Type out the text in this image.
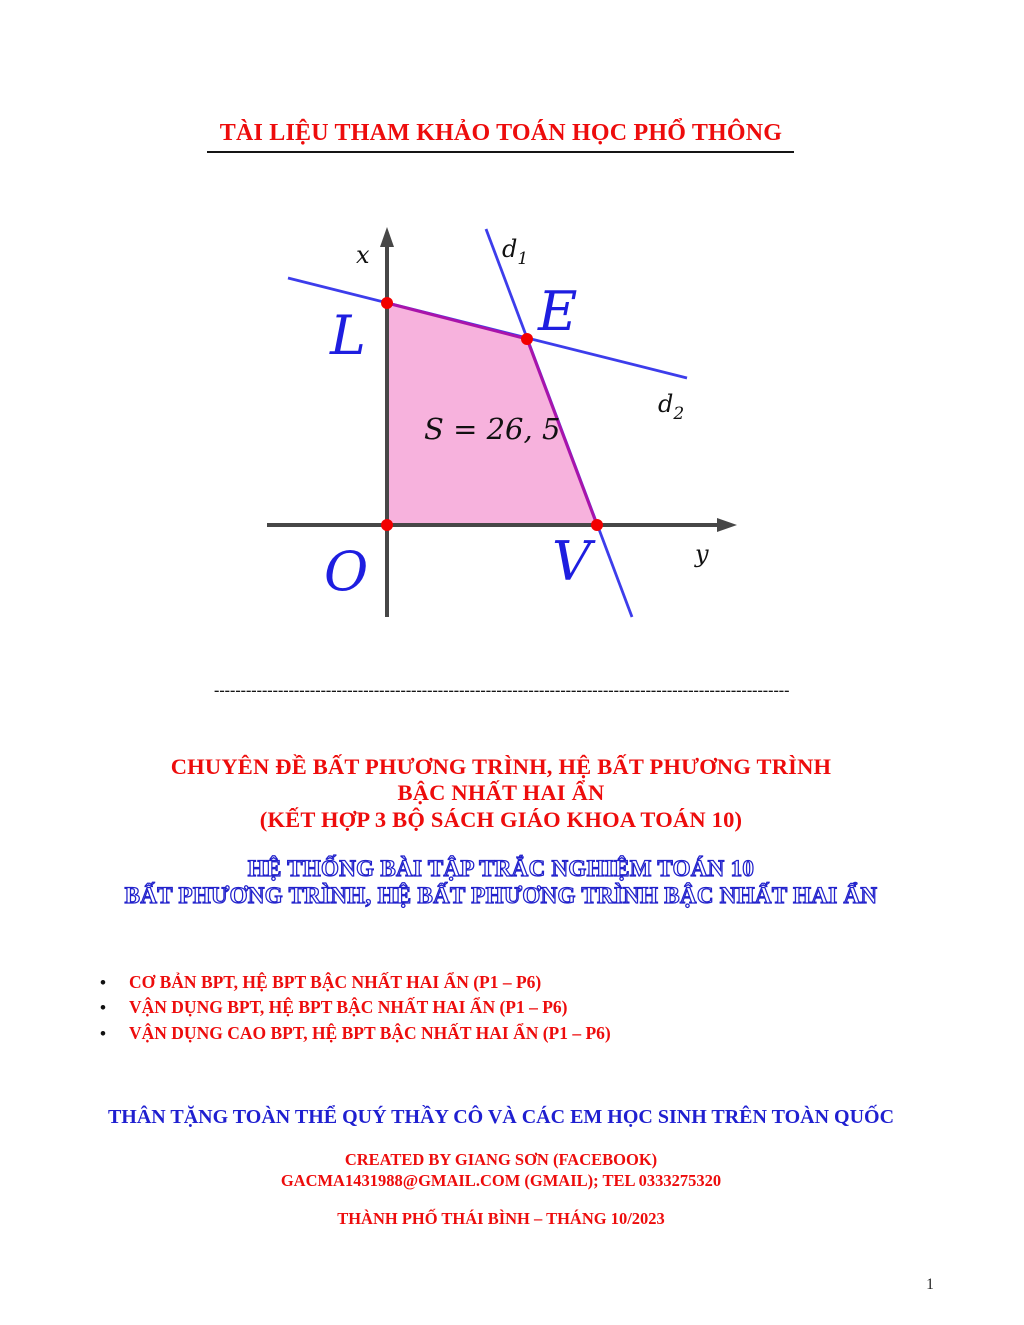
TÀI LIỆU THAM KHẢO TOÁN HỌC PHỔ THÔNG
x
y
$d_1$
$d_2$
L	E
O	V
S = 26, 5
------------------------------------------------------------------------------------------------------------
CHUYÊN ĐỀ BẤT PHƯƠNG TRÌNH, HỆ BẤT PHƯƠNG TRÌNH
BẬC NHẤT HAI ẨN
(KẾT HỢP 3 BỘ SÁCH GIÁO KHOA TOÁN 10)
HỆ THỐNG BÀI TẬP TRẮC NGHIỆM TOÁN 10
BẤT PHƯƠNG TRÌNH, HỆ BẤT PHƯƠNG TRÌNH BẬC NHẤT HAI ẨN
•	CƠ BẢN BPT, HỆ BPT BẬC NHẤT HAI ẨN (P1 – P6)
•	VẬN DỤNG BPT, HỆ BPT BẬC NHẤT HAI ẨN (P1 – P6)
•	VẬN DỤNG CAO BPT, HỆ BPT BẬC NHẤT HAI ẨN (P1 – P6)
THÂN TẶNG TOÀN THỂ QUÝ THẦY CÔ VÀ CÁC EM HỌC SINH TRÊN TOÀN QUỐC
CREATED BY GIANG SƠN (FACEBOOK)
GACMA1431988@GMAIL.COM (GMAIL); TEL 0333275320
THÀNH PHỐ THÁI BÌNH – THÁNG 10/2023
1
